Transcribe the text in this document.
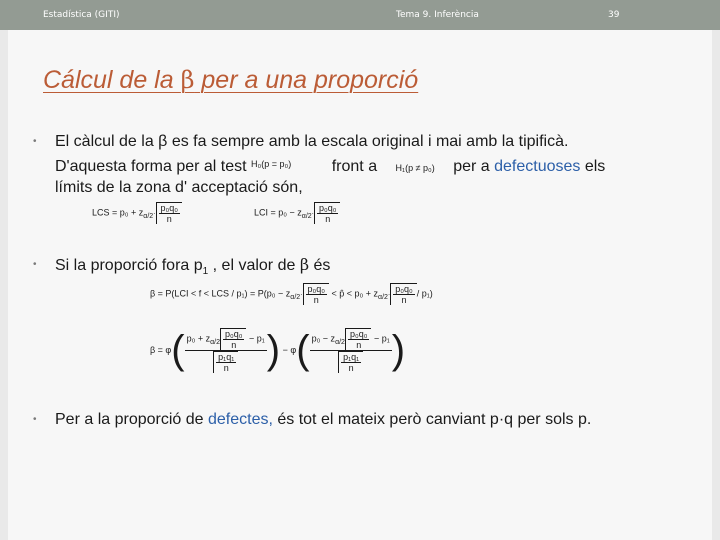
Estadística (GITI)	Tema 9. Inferència	39
Cálcul de la β per a una proporció
• El càlcul de la β es fa sempre amb la escala original i mai amb la tipificà.
D'aquesta forma per al test $^{H_0(p = p_0)}$ front a H₁(p ≠ p₀) per a defectuoses els
límits de la zona d' acceptació són,
LCS = $p_0 + z_{\alpha/2}\cdot \frac{\text{p₀q₀}}{n}$	LCI = $p_0 - z_{\alpha/2}\cdot \frac{\text{p₀q₀}}{n}$
• Si la proporció fora $p_1$ , el valor de β és
β = P(LCI < f < LCS / $p_1) = P(p_0 - z_{\alpha/2}\cdot \frac{\text{p₀q₀}}{n}$ < p̂ < $p_0 + z_{\alpha/2}\cdot \frac{\text{p₀q₀}}{n} / p_1$)
$\beta = \varphi( \frac{p_0 + z_{\alpha/2} \frac{\text{p₀q₀}}{n} - p_1}{\frac{\text{p₁q₁}}{n}}$ ) − $\varphi( \frac{p_0 - z_{\alpha/2} \frac{\text{p₀q₀}}{n} - p_1}{\frac{\text{p₁q₁}}{n}}$ )
• Per a la proporció de defectes, és tot el mateix però canviant p·q per sols p.
